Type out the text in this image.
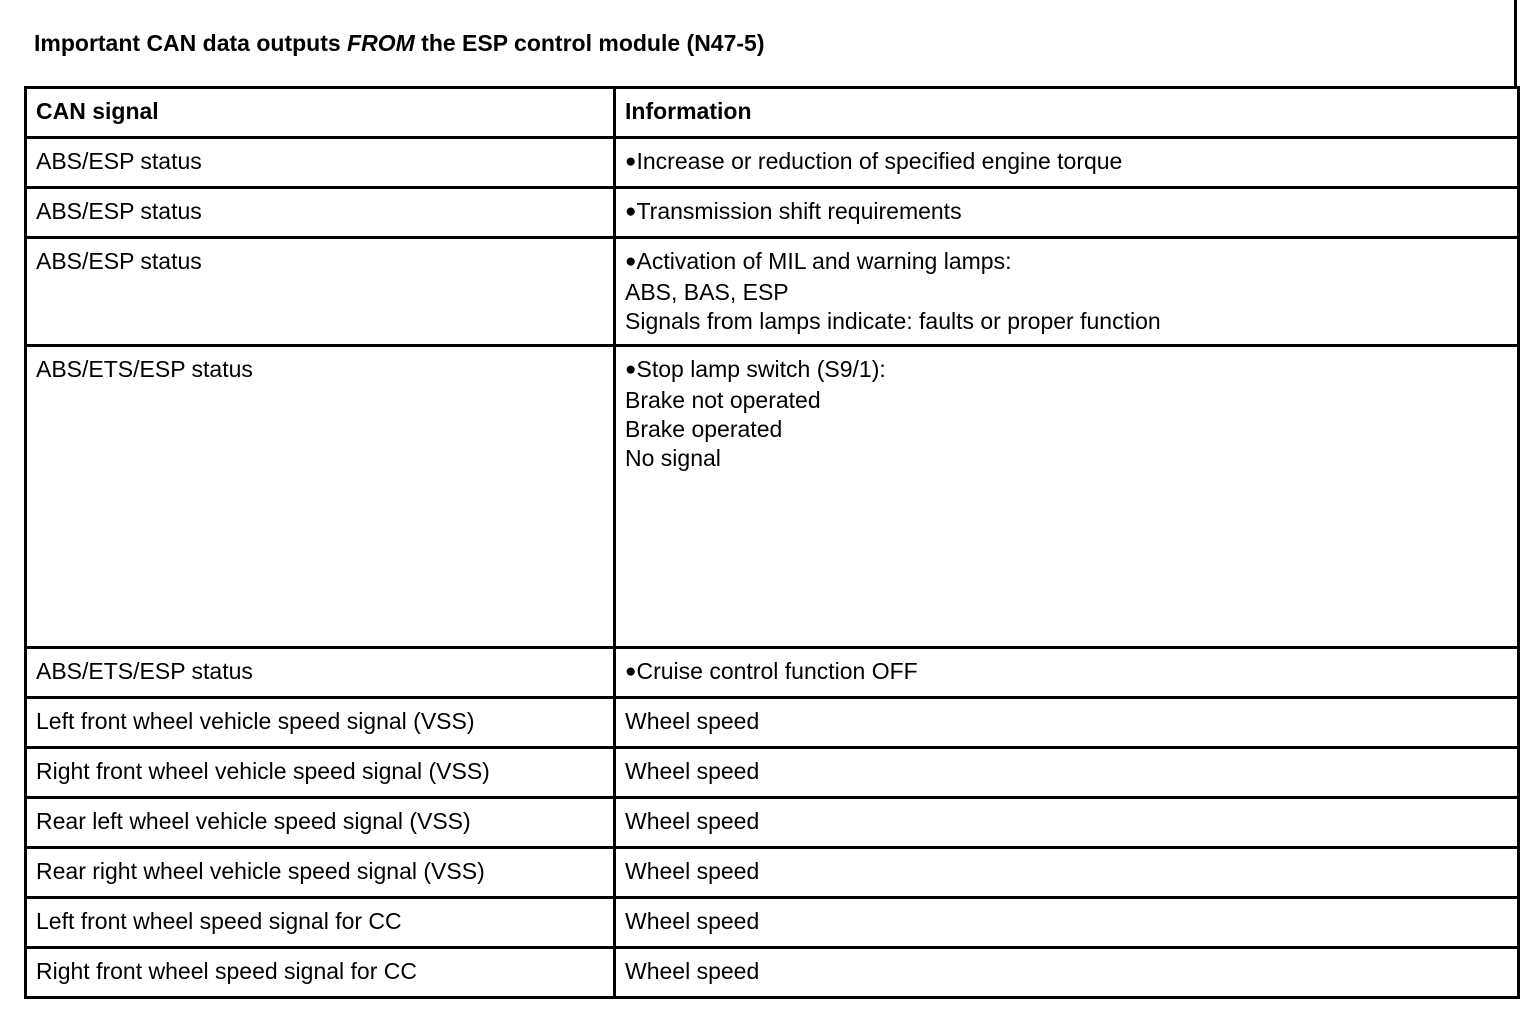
Important CAN data outputs FROM the ESP control module (N47-5)
CAN signal	Information
ABS/ESP status	●Increase or reduction of specified engine torque

ABS/ESP status	●Transmission shift requirements

ABS/ESP status	●Activation of MIL and warning lamps:
ABS, BAS, ESP
Signals from lamps indicate: faults or proper function

ABS/ETS/ESP status	●Stop lamp switch (S9/1):
Brake not operated
Brake operated
No signal

ABS/ETS/ESP status	●Cruise control function OFF

Left front wheel vehicle speed signal (VSS)	Wheel speed

Right front wheel vehicle speed signal (VSS)	Wheel speed

Rear left wheel vehicle speed signal (VSS)	Wheel speed

Rear right wheel vehicle speed signal (VSS)	Wheel speed

Left front wheel speed signal for CC	Wheel speed

Right front wheel speed signal for CC	Wheel speed
